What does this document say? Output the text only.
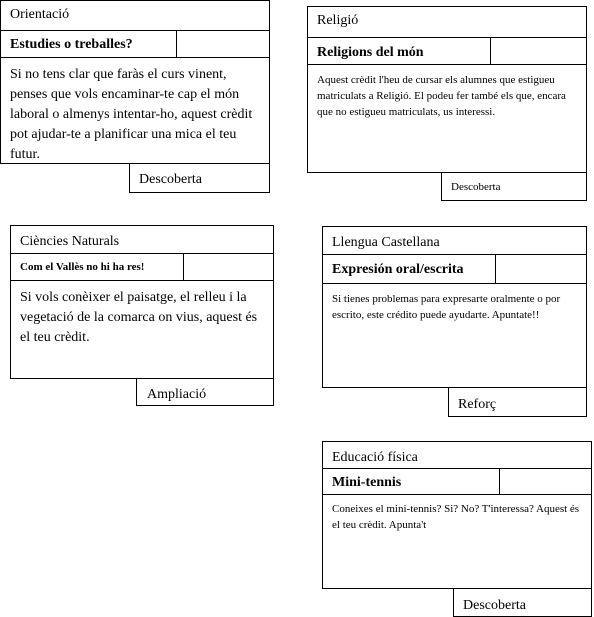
Orientació
Estudies o treballes?
Si no tens clar que faràs el curs vinent, penses que vols encaminar-te cap el món laboral o almenys intentar-ho, aquest crèdit pot ajudar-te a planificar una mica el teu futur.
Descoberta
Religió
Religions del món
Aquest crèdit l'heu de cursar els alumnes que estigueu matriculats a Religió. El podeu fer també els que, encara que no estigueu matriculats, us interessi.
Descoberta
Ciències Naturals
Com el Vallès no hi ha res!
Si vols conèixer el paisatge, el relleu i la vegetació de la comarca on vius, aquest és el teu crèdit.
Ampliació
Llengua Castellana
Expresión oral/escrita
Si tienes problemas para expresarte oralmente o por escrito, este crédito puede ayudarte. Apuntate!!
Reforç
Educació física
Mini-tennis
Coneixes el mini-tennis? Si? No? T'interessa? Aquest és el teu crèdit. Apunta't
Descoberta
